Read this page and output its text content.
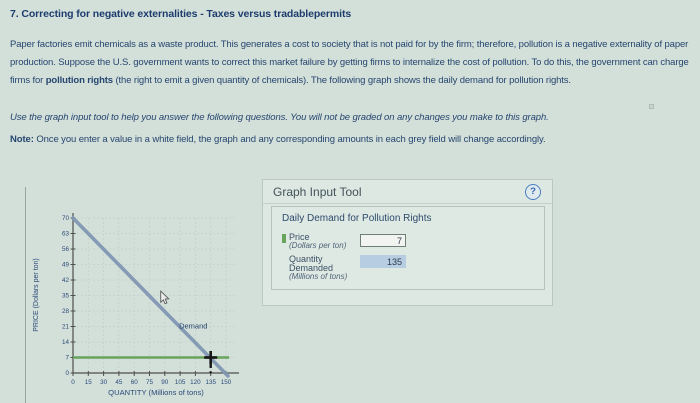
7. Correcting for negative externalities - Taxes versus tradablepermits

Paper factories emit chemicals as a waste product. This generates a cost to society that is not paid for by the firm; therefore, pollution is a negative externality of paper production. Suppose the U.S. government wants to correct this market failure by getting firms to internalize the cost of pollution. To do this, the government can charge firms for pollution rights (the right to emit a given quantity of chemicals). The following graph shows the daily demand for pollution rights.

Use the graph input tool to help you answer the following questions. You will not be graded on any changes you make to this graph.

Note: Once you enter a value in a white field, the graph and any corresponding amounts in each grey field will change accordingly.

0 15 30 45 60 75 90 105 120 135 150
0
7
14
21
28
35
42
49
56
63
70
QUANTITY (Millions of tons)
PRICE (Dollars per ton)	Demand
Graph Input Tool	?
Daily Demand for Pollution Rights
Price
(Dollars per ton)
7
Quantity
Demanded
(Millions of tons)
135
